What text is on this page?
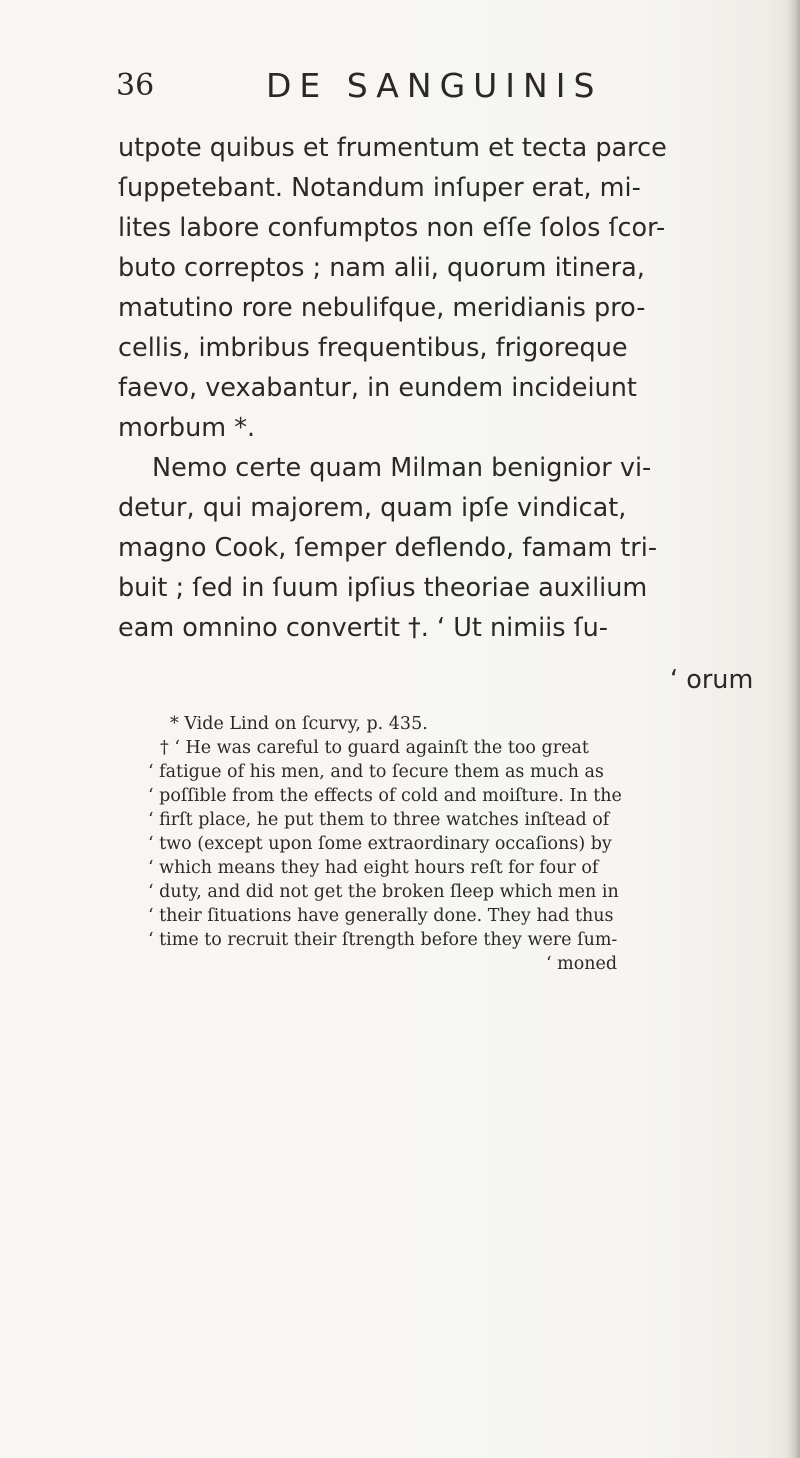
36	DE SANGUINIS
utpote quibus et frumentum et tecta parce
ſuppetebant. Notandum inſuper erat, mi-
lites labore confumptos non eſſe ſolos ſcor-
buto correptos ; nam alii, quorum itinera,
matutino rore nebulifque, meridianis pro-
cellis, imbribus frequentibus, frigoreque
faevo, vexabantur, in eundem incideiunt
morbum *.
Nemo certe quam Milman benignior vi-
detur, qui majorem, quam ipſe vindicat,
magno Cook, ſemper deflendo, famam tri-
buit ; ſed in ſuum ipſius theoriae auxilium
eam omnino convertit †. ‘ Ut nimiis ſu-
‘ orum
* Vide Lind on ſcurvy, p. 435.
† ‘ He was careful to guard againſt the too great
‘ fatigue of his men, and to ſecure them as much as
‘ poſſible from the effects of cold and moiſture. In the
‘ firſt place, he put them to three watches inſtead of
‘ two (except upon ſome extraordinary occaſions) by
‘ which means they had eight hours reſt for four of
‘ duty, and did not get the broken ſleep which men in
‘ their ſituations have generally done. They had thus
‘ time to recruit their ſtrength before they were ſum-
‘ moned
